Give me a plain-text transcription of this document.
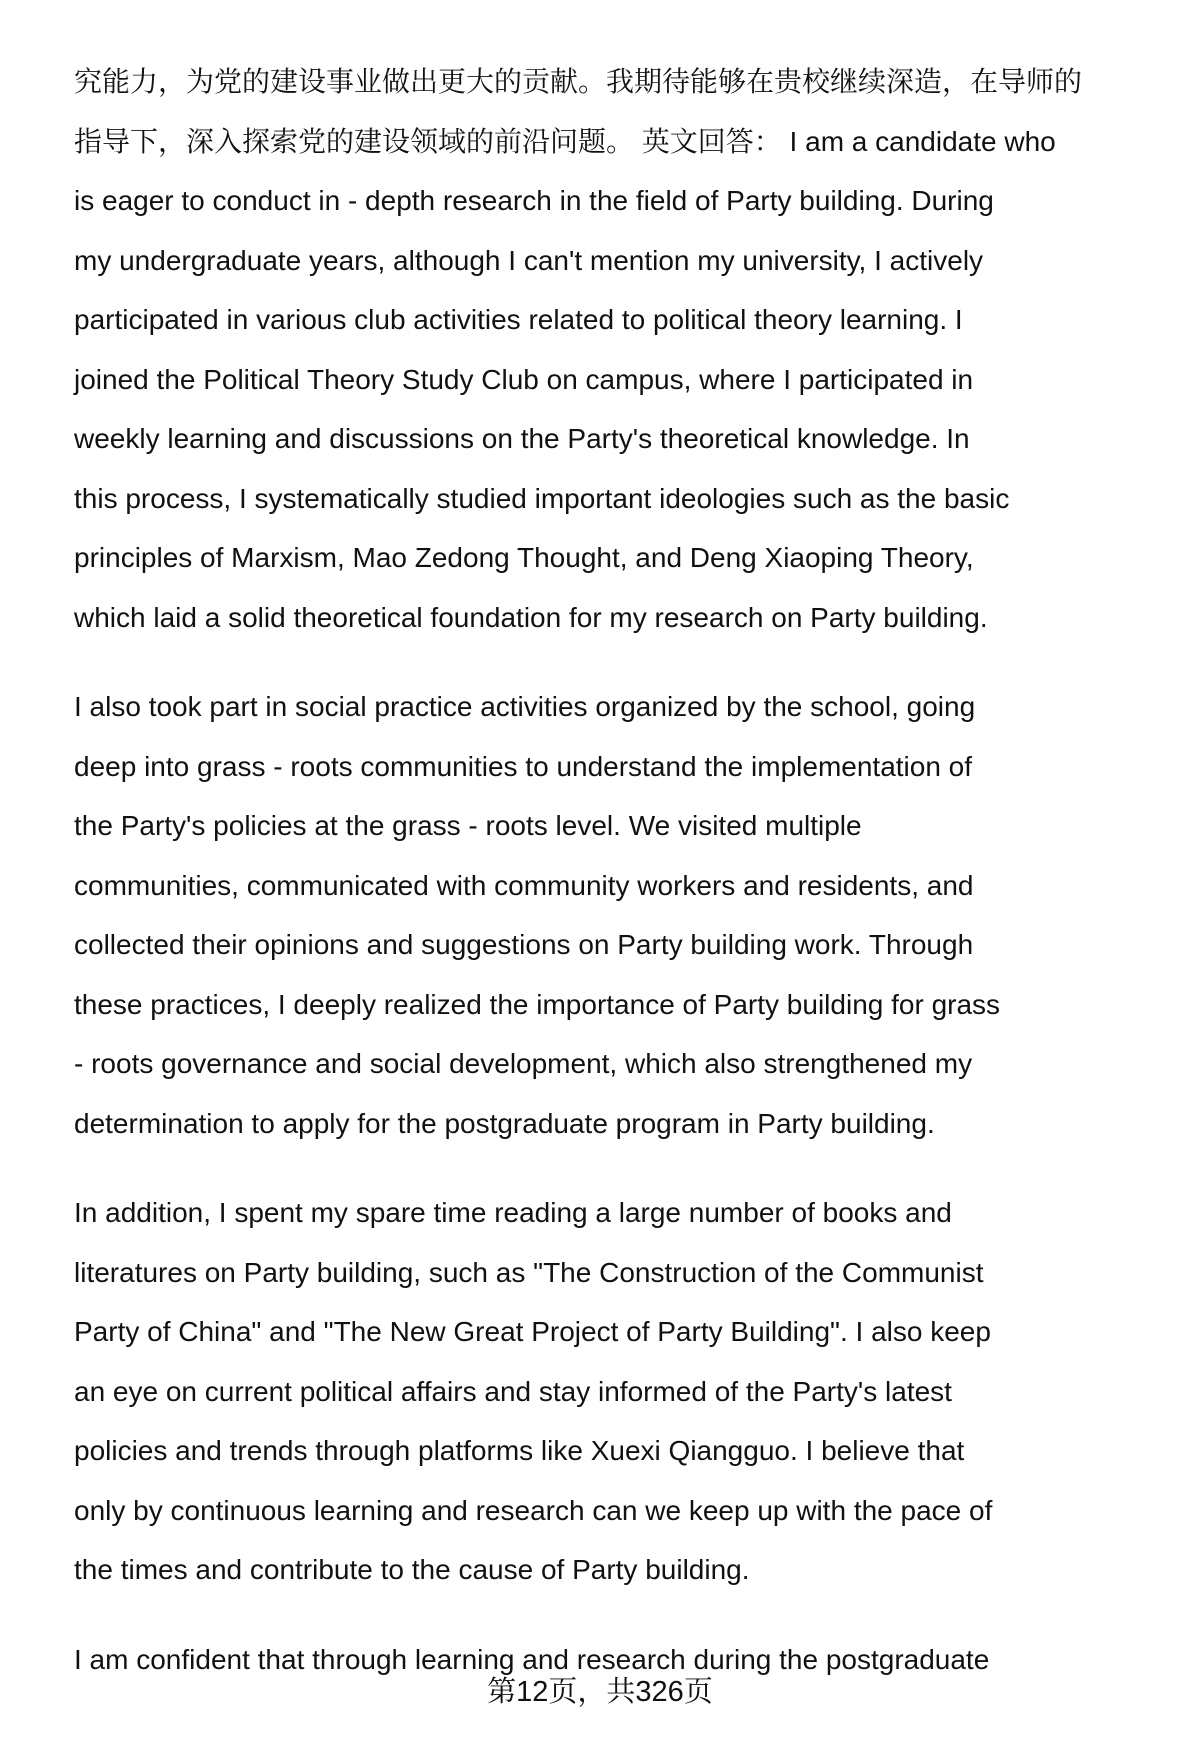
究能力，为党的建设事业做出更大的贡献。我期待能够在贵校继续深造，在导师的
指导下，深入探索党的建设领域的前沿问题。 英文回答： I am a candidate who
is eager to conduct in - depth research in the field of Party building. During
my undergraduate years, although I can't mention my university, I actively
participated in various club activities related to political theory learning. I
joined the Political Theory Study Club on campus, where I participated in
weekly learning and discussions on the Party's theoretical knowledge. In
this process, I systematically studied important ideologies such as the basic
principles of Marxism, Mao Zedong Thought, and Deng Xiaoping Theory,
which laid a solid theoretical foundation for my research on Party building.
I also took part in social practice activities organized by the school, going
deep into grass - roots communities to understand the implementation of
the Party's policies at the grass - roots level. We visited multiple
communities, communicated with community workers and residents, and
collected their opinions and suggestions on Party building work. Through
these practices, I deeply realized the importance of Party building for grass
- roots governance and social development, which also strengthened my
determination to apply for the postgraduate program in Party building.
In addition, I spent my spare time reading a large number of books and
literatures on Party building, such as "The Construction of the Communist
Party of China" and "The New Great Project of Party Building". I also keep
an eye on current political affairs and stay informed of the Party's latest
policies and trends through platforms like Xuexi Qiangguo. I believe that
only by continuous learning and research can we keep up with the pace of
the times and contribute to the cause of Party building.
I am confident that through learning and research during the postgraduate
第12页，共326页
